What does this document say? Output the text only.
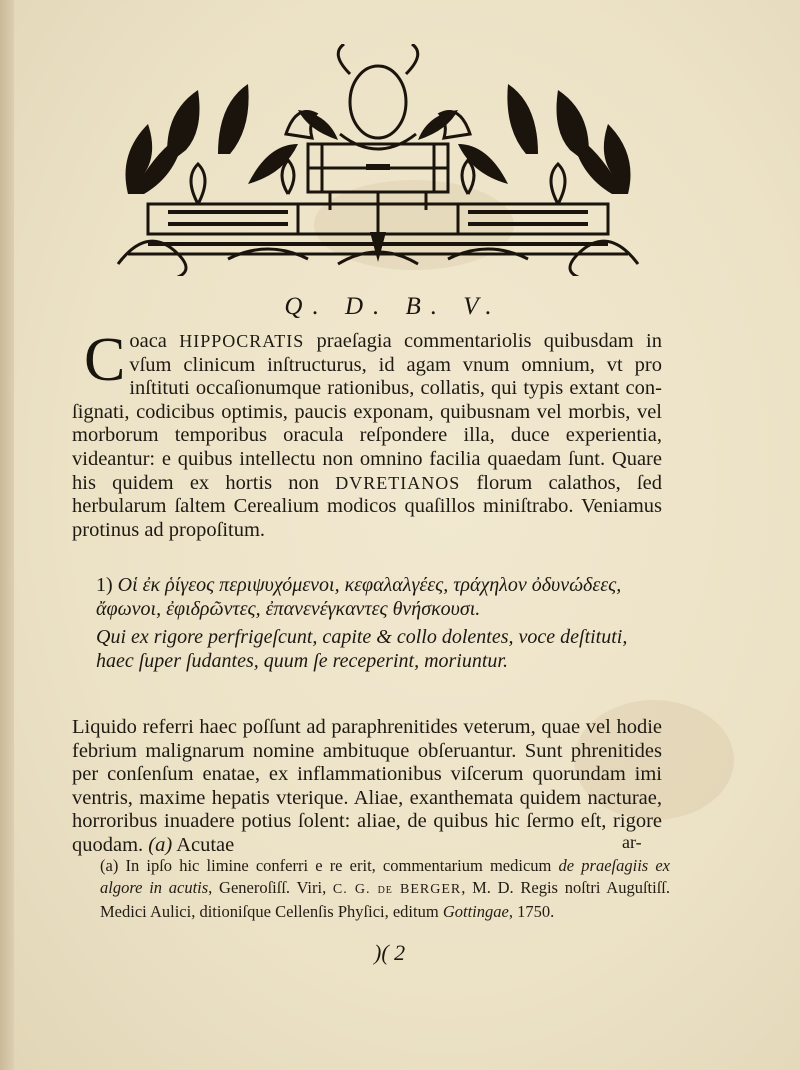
Q. D. B. V.
Coaca HIPPOCRATIS praeſagia commentariolis quibusdam in vſum clinicum inſtructurus, id agam vnum omnium, vt pro inſtituti occaſionumque rationibus, collatis, qui typis extant conſignati, codicibus optimis, paucis exponam, quibusnam vel morbis, vel morborum temporibus oracula reſpondere illa, duce experientia, videantur: e quibus intellectu non omnino facilia quaedam ſunt. Quare his quidem ex hortis non DVRETIANOS florum calathos, ſed herbularum ſaltem Cerealium modicos quaſillos miniſtrabo. Veniamus protinus ad propoſitum.
1) Οἱ ἐκ ῥίγεος περιψυχόμενοι, κεφαλαλγέες, τράχηλον ὀδυνώδεες, ἄφωνοι, ἐφιδρῶντες, ἐπανενέγκαντες θνήσκουσι.
Qui ex rigore perfrigeſcunt, capite & collo dolentes, voce deſtituti, haec ſuper ſudantes, quum ſe receperint, moriuntur.
Liquido referri haec poſſunt ad paraphrenitides veterum, quae vel hodie febrium malignarum nomine ambituque obſeruantur. Sunt phrenitides per conſenſum enatae, ex inflammationibus viſcerum quorundam imi ventris, maxime hepatis vterique. Aliae, exanthemata quidem nacturae, horroribus inuadere potius ſolent: aliae, de quibus hic ſermo eſt, rigore quodam. (a) Acutae	ar-
(a) In ipſo hic limine conferri e re erit, commentarium medicum de praeſagiis ex algore in acutis, Generoſiſſ. Viri, C. G. de BERGER, M. D. Regis noſtri Auguſtiſſ. Medici Aulici, ditioniſque Cellenſis Phyſici, editum Gottingae, 1750.
)( 2
